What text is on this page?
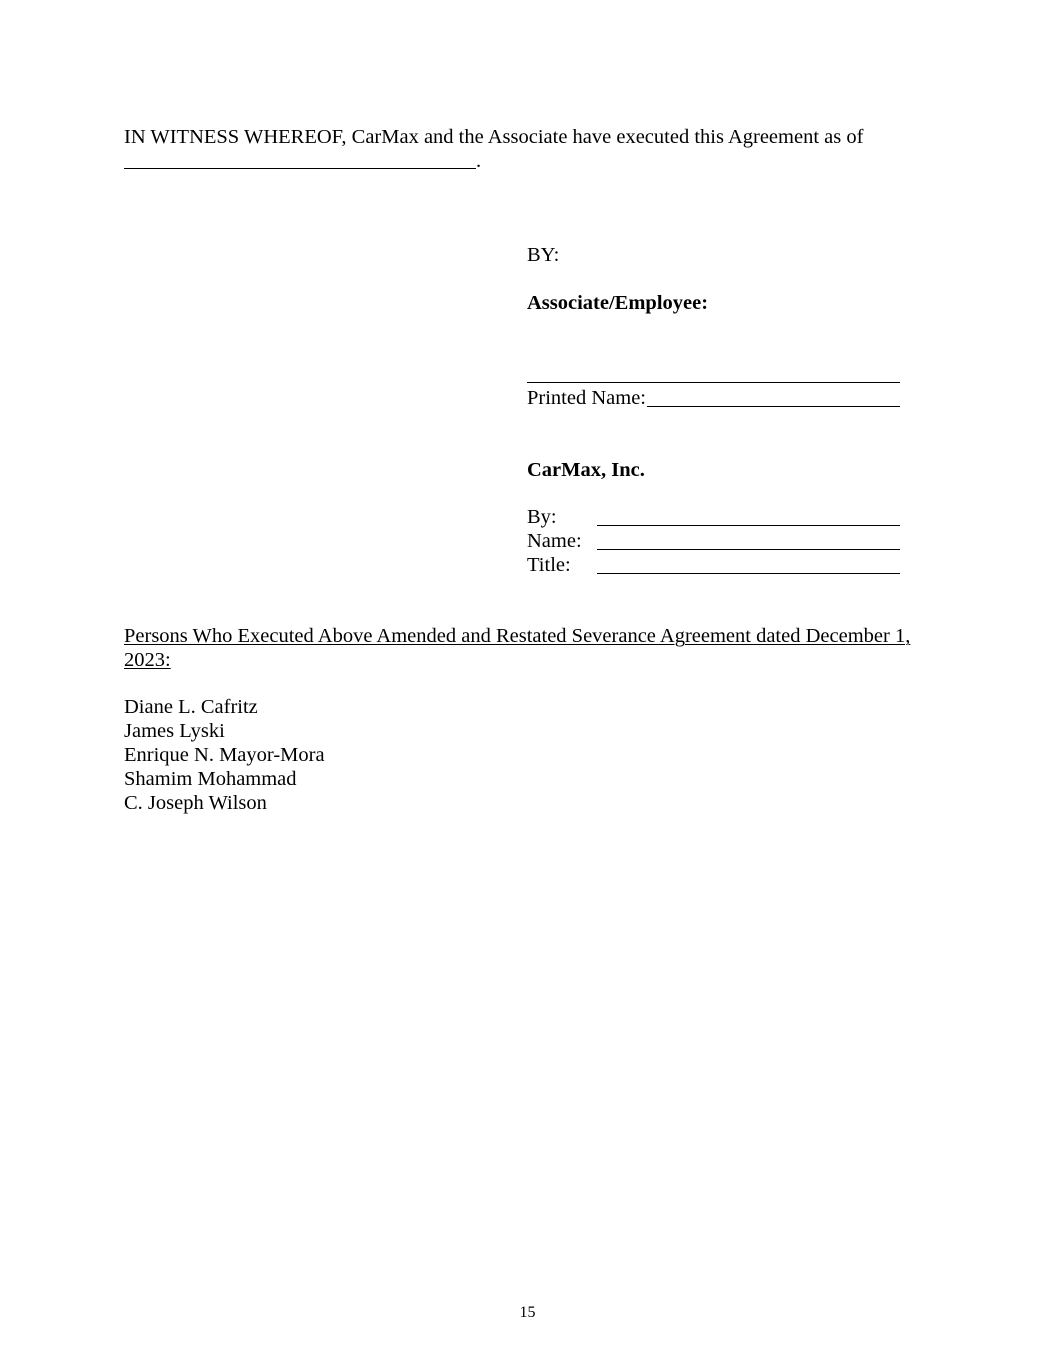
IN WITNESS WHEREOF, CarMax and the Associate have executed this Agreement as of
.
BY:
Associate/Employee:
Printed Name:
CarMax, Inc.
By:
Name:
Title:
Persons Who Executed Above Amended and Restated Severance Agreement dated December 1,
2023:
Diane L. Cafritz
James Lyski
Enrique N. Mayor-Mora
Shamim Mohammad
C. Joseph Wilson
15
